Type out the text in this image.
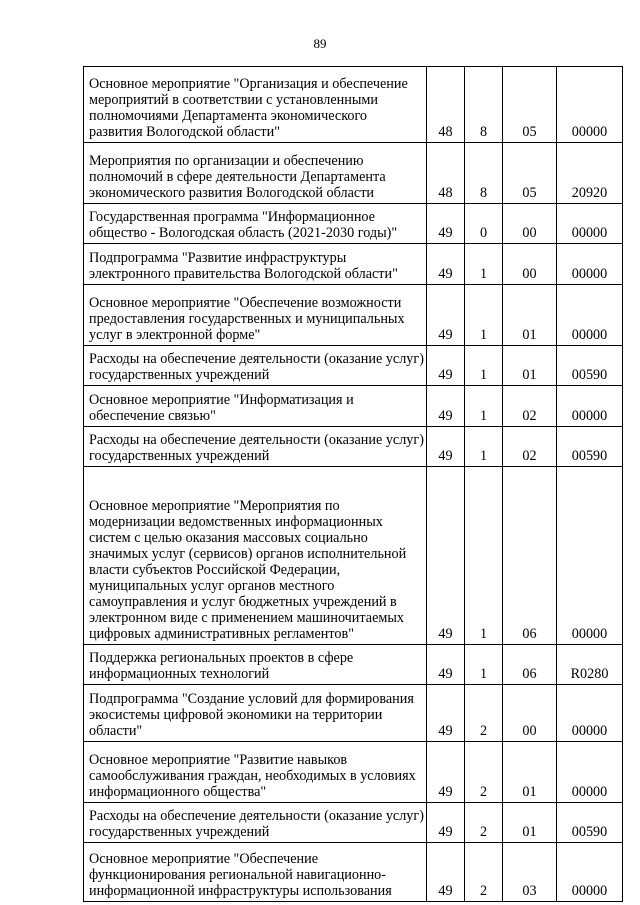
89
Основное мероприятие "Организация и обеспечение мероприятий в соответствии с установленными полномочиями Департамента экономического развития Вологодской области"	48	8	05	00000
Мероприятия по организации и обеспечению полномочий в сфере деятельности Департамента экономического развития Вологодской области	48	8	05	20920
Государственная программа "Информационное общество - Вологодская область (2021-2030 годы)"	49	0	00	00000
Подпрограмма "Развитие инфраструктуры электронного правительства Вологодской области"	49	1	00	00000
Основное мероприятие "Обеспечение возможности предоставления государственных и муниципальных услуг в электронной форме"	49	1	01	00000
Расходы на обеспечение деятельности (оказание услуг) государственных учреждений	49	1	01	00590
Основное мероприятие "Информатизация и обеспечение связью"	49	1	02	00000
Расходы на обеспечение деятельности (оказание услуг) государственных учреждений	49	1	02	00590
Основное мероприятие "Мероприятия по модернизации ведомственных информационных систем с целью оказания массовых социально значимых услуг (сервисов) органов исполнительной власти субъектов Российской Федерации, муниципальных услуг органов местного самоуправления и услуг бюджетных учреждений в электронном виде с применением машиночитаемых цифровых административных регламентов"	49	1	06	00000
Поддержка региональных проектов в сфере информационных технологий	49	1	06	R0280
Подпрограмма "Создание условий для формирования экосистемы цифровой экономики на территории области"	49	2	00	00000
Основное мероприятие "Развитие навыков самообслуживания граждан, необходимых в условиях информационного общества"	49	2	01	00000
Расходы на обеспечение деятельности (оказание услуг) государственных учреждений	49	2	01	00590
Основное мероприятие "Обеспечение функционирования региональной навигационно-информационной инфраструктуры использования	49	2	03	00000
